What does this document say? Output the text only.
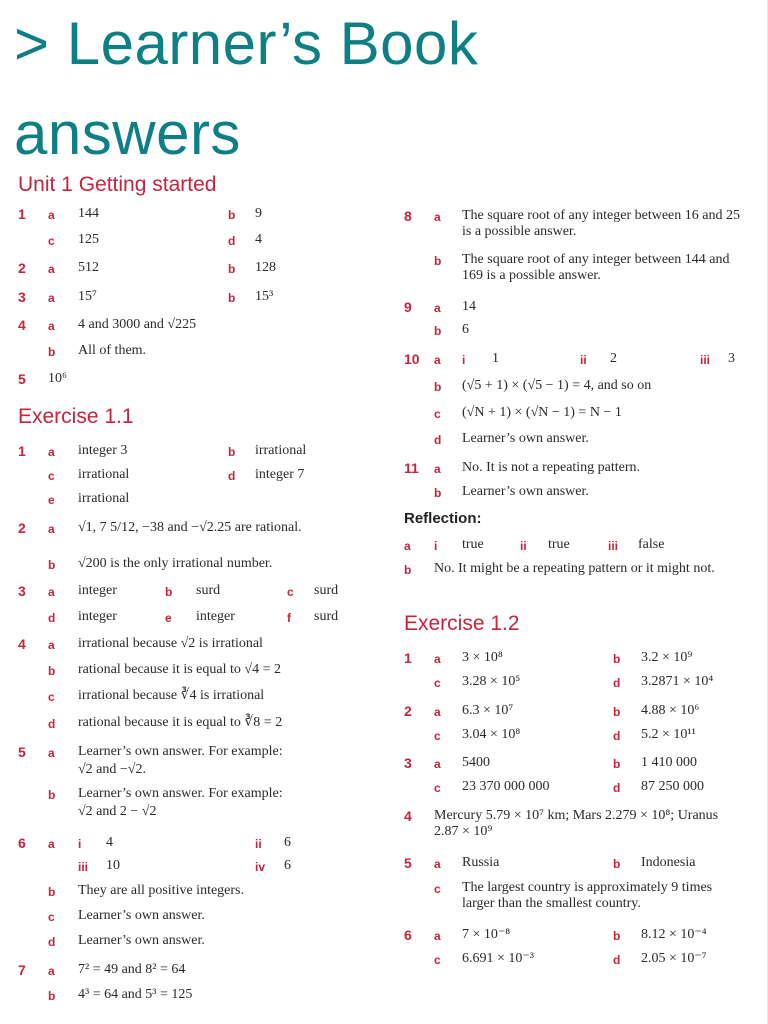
> Learner’s Book
answers
Unit 1 Getting started
1 a 144	b 9
c 125	d 4
2 a 512	b 128
3 a 15⁷	b 15³
4 a 4 and 3000 and √225
b All of them.
5 10⁶
Exercise 1.1
1 a integer 3	b irrational
c irrational	d integer 7
e irrational
2 a √1, 7 5/12, −38 and −√2.25 are rational.
b √200 is the only irrational number.
3 a integer	b surd	c surd
d integer	e integer	f surd
4 a irrational because √2 is irrational
b rational because it is equal to √4 = 2
c irrational because ∛4 is irrational
d rational because it is equal to ∛8 = 2
5 a Learner’s own answer. For example:
√2 and −√2.
b Learner’s own answer. For example:
√2 and 2 − √2
6 a i 4	ii 6
iii 10	iv 6
b They are all positive integers.
c Learner’s own answer.
d Learner’s own answer.
7 a 7² = 49 and 8² = 64
b 4³ = 64 and 5³ = 125
8 a The square root of any integer between 16 and 25 is a possible answer.
b The square root of any integer between 144 and 169 is a possible answer.
9 a 14
b 6
10 a i 1	ii 2	iii 3
b (√5 + 1) × (√5 − 1) = 4, and so on
c (√N + 1) × (√N − 1) = N − 1
d Learner’s own answer.
11 a No. It is not a repeating pattern.
b Learner’s own answer.
Reflection:
a i true	ii true	iii false
b No. It might be a repeating pattern or it might not.
Exercise 1.2
1 a 3 × 10⁸	b 3.2 × 10⁹
c 3.28 × 10⁵	d 3.2871 × 10⁴
2 a 6.3 × 10⁷	b 4.88 × 10⁶
c 3.04 × 10⁸	d 5.2 × 10¹¹
3 a 5400	b 1 410 000
c 23 370 000 000	d 87 250 000
4 Mercury 5.79 × 10⁷ km; Mars 2.279 × 10⁸; Uranus 2.87 × 10⁹
5 a Russia	b Indonesia
c The largest country is approximately 9 times larger than the smallest country.
6 a 7 × 10⁻⁸	b 8.12 × 10⁻⁴
c 6.691 × 10⁻³	d 2.05 × 10⁻⁷
